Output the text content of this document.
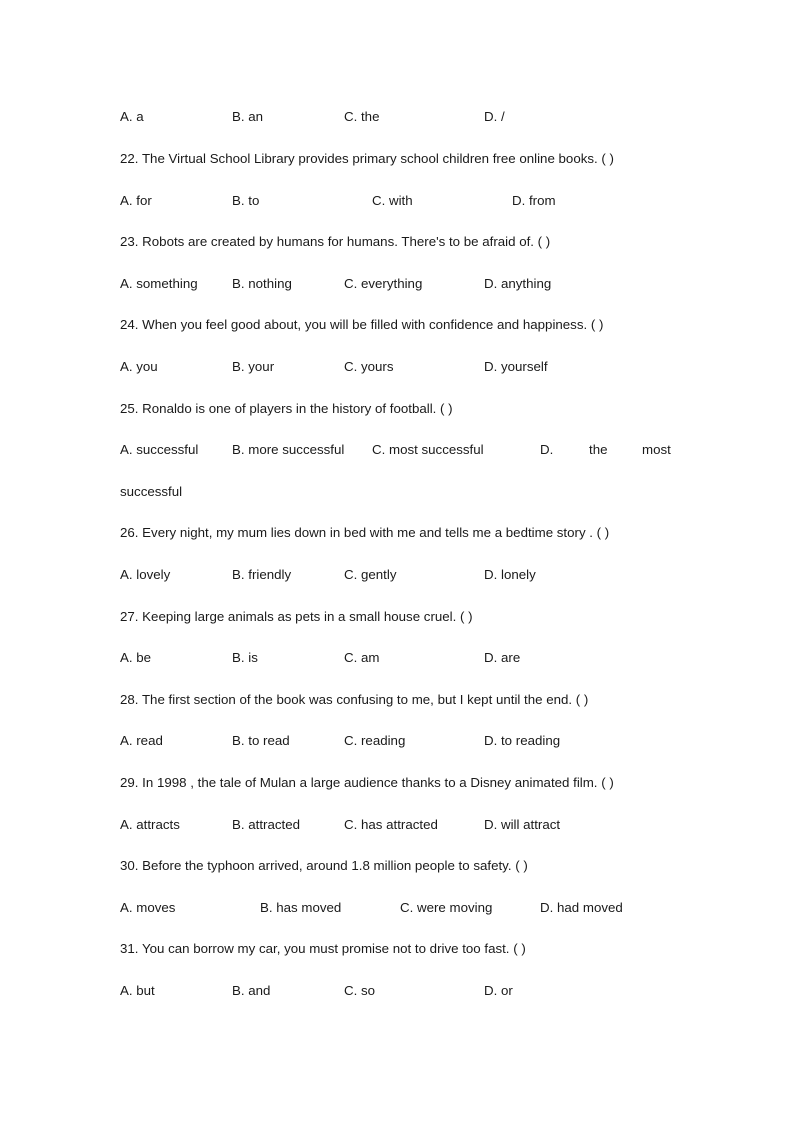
A. a	B. an	C. the	D. /
22. The Virtual School Library provides primary school children free online books. ( )
A. for	B. to	C. with	D. from
23. Robots are created by humans for humans. There's to be afraid of. ( )
A. something	B. nothing	C. everything	D. anything
24. When you feel good about, you will be filled with confidence and happiness. ( )
A. you	B. your	C. yours	D. yourself
25. Ronaldo is one of players in the history of football. ( )
A. successful	B. more successful C. most successful	D.	the	most
successful
26. Every night, my mum lies down in bed with me and tells me a bedtime story . ( )
A. lovely	B. friendly	C. gently	D. lonely
27. Keeping large animals as pets in a small house cruel. ( )
A. be	B. is	C. am	D. are
28. The first section of the book was confusing to me, but I kept until the end. ( )
A. read	B. to read	C. reading	D. to reading
29. In 1998 , the tale of Mulan a large audience thanks to a Disney animated film. ( )
A. attracts	B. attracted	C. has attracted	D. will attract
30. Before the typhoon arrived, around 1.8 million people to safety. ( )
A. moves	B. has moved	C. were moving	D. had moved
31. You can borrow my car, you must promise not to drive too fast. ( )
A. but	B. and	C. so	D. or
